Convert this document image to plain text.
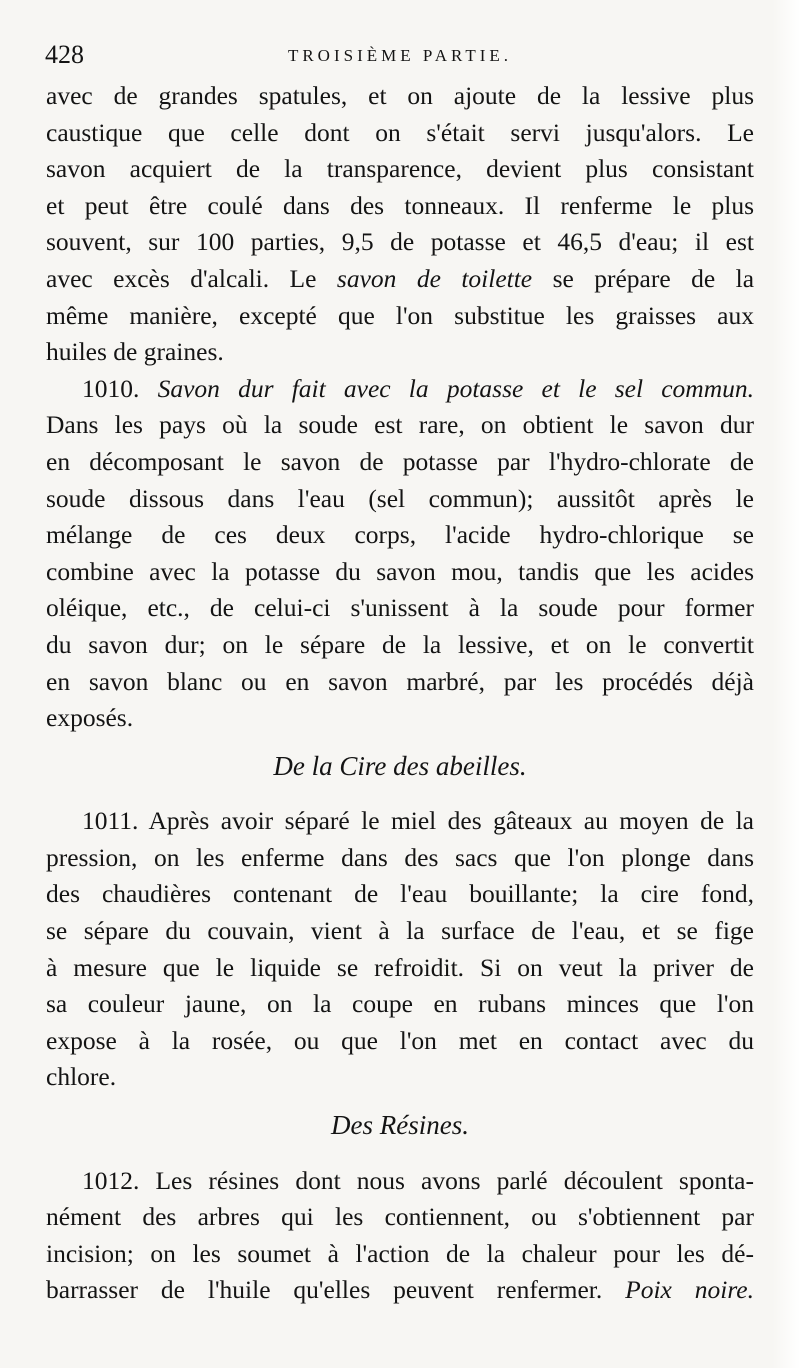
428	TROISIÈME PARTIE.
avec de grandes spatules, et on ajoute de la lessive plus
caustique que celle dont on s'était servi jusqu'alors. Le
savon acquiert de la transparence, devient plus consistant
et peut être coulé dans des tonneaux. Il renferme le plus
souvent, sur 100 parties, 9,5 de potasse et 46,5 d'eau; il est
avec excès d'alcali. Le savon de toilette se prépare de la
même manière, excepté que l'on substitue les graisses aux
huiles de graines.
1010. Savon dur fait avec la potasse et le sel commun.
Dans les pays où la soude est rare, on obtient le savon dur
en décomposant le savon de potasse par l'hydro-chlorate de
soude dissous dans l'eau (sel commun); aussitôt après le
mélange de ces deux corps, l'acide hydro-chlorique se
combine avec la potasse du savon mou, tandis que les acides
oléique, etc., de celui-ci s'unissent à la soude pour former
du savon dur; on le sépare de la lessive, et on le convertit
en savon blanc ou en savon marbré, par les procédés déjà
exposés.
De la Cire des abeilles.
1011. Après avoir séparé le miel des gâteaux au moyen de la
pression, on les enferme dans des sacs que l'on plonge dans
des chaudières contenant de l'eau bouillante; la cire fond,
se sépare du couvain, vient à la surface de l'eau, et se fige
à mesure que le liquide se refroidit. Si on veut la priver de
sa couleur jaune, on la coupe en rubans minces que l'on
expose à la rosée, ou que l'on met en contact avec du
chlore.
Des Résines.
1012. Les résines dont nous avons parlé découlent sponta-
nément des arbres qui les contiennent, ou s'obtiennent par
incision; on les soumet à l'action de la chaleur pour les dé-
barrasser de l'huile qu'elles peuvent renfermer. Poix noire.
